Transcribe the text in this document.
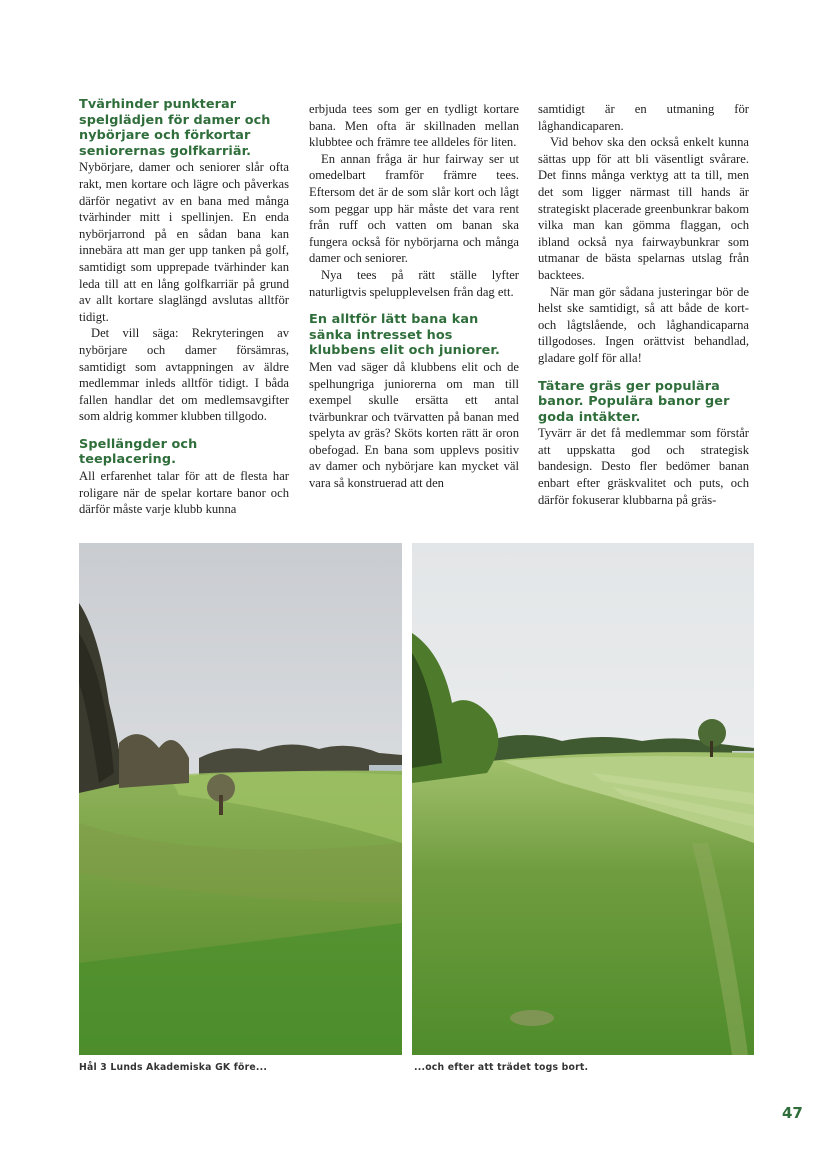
Tvärhinder punkterar spelglädjen för damer och nybörjare och förkortar seniorernas golfkarriär.

Nybörjare, damer och seniorer slår ofta rakt, men kortare och lägre och påverkas därför negativt av en bana med många tvärhinder mitt i spellinjen. En enda nybörjarrond på en sådan bana kan innebära att man ger upp tanken på golf, samtidigt som upprepade tvärhinder kan leda till att en lång golfkarriär på grund av allt kortare slaglängd avslutas alltför tidigt.

Det vill säga: Rekryteringen av nybörjare och damer försämras, samtidigt som avtappningen av äldre medlemmar inleds alltför tidigt. I båda fallen handlar det om medlemsavgifter som aldrig kommer klubben tillgodo.

Spellängder och teeplacering.

All erfarenhet talar för att de flesta har roligare när de spelar kortare banor och därför måste varje klubb kunna

erbjuda tees som ger en tydligt kortare bana. Men ofta är skillnaden mellan klubbtee och främre tee alldeles för liten.

En annan fråga är hur fairway ser ut omedelbart framför främre tees. Eftersom det är de som slår kort och lågt som peggar upp här måste det vara rent från ruff och vatten om banan ska fungera också för nybörjarna och många damer och seniorer.

Nya tees på rätt ställe lyfter naturligtvis spelupplevelsen från dag ett.

En alltför lätt bana kan sänka intresset hos klubbens elit och juniorer.

Men vad säger då klubbens elit och de spelhungriga juniorerna om man till exempel skulle ersätta ett antal tvärbunkrar och tvärvatten på banan med spelyta av gräs? Sköts korten rätt är oron obefogad. En bana som upplevs positiv av damer och nybörjare kan mycket väl vara så konstruerad att den

samtidigt är en utmaning för låghandicaparen.

Vid behov ska den också enkelt kunna sättas upp för att bli väsentligt svårare. Det finns många verktyg att ta till, men det som ligger närmast till hands är strategiskt placerade greenbunkrar bakom vilka man kan gömma flaggan, och ibland också nya fairwaybunkrar som utmanar de bästa spelarnas utslag från backtees.

När man gör sådana justeringar bör de helst ske samtidigt, så att både de kort- och lågtslående, och låghandicaparna tillgodoses. Ingen orättvist behandlad, gladare golf för alla!

Tätare gräs ger populära banor. Populära banor ger goda intäkter.

Tyvärr är det få medlemmar som förstår att uppskatta god och strategisk bandesign. Desto fler bedömer banan enbart efter gräskvalitet och puts, och därför fokuserar klubbarna på gräs-

Hål 3 Lunds Akademiska GK före...	...och efter att trädet togs bort.
47
